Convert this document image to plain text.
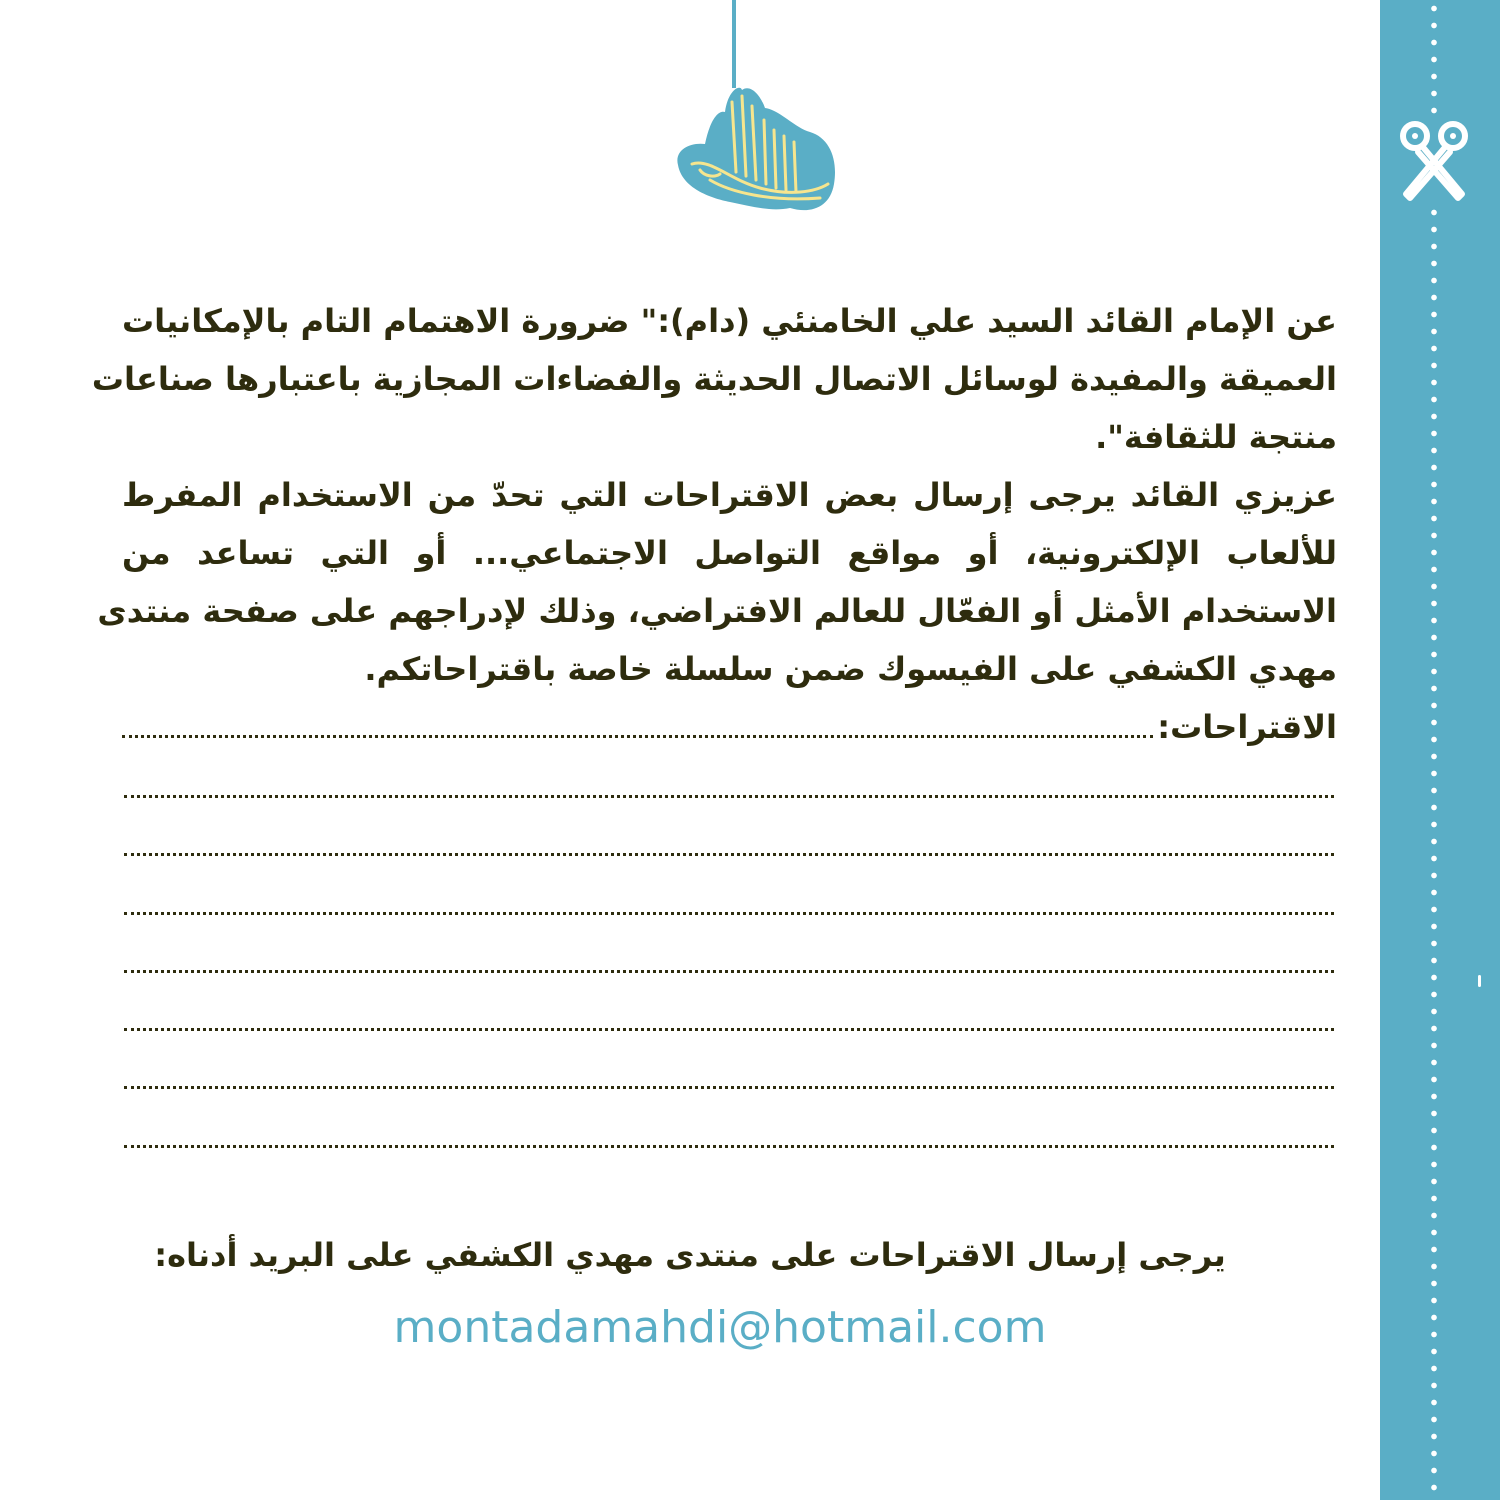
عن الإمام القائد السيد علي الخامنئي (دام):" ضرورة الاهتمام التام بالإمكانيات
العميقة والمفيدة لوسائل الاتصال الحديثة والفضاءات المجازية باعتبارها صناعات
منتجة للثقافة".
عزيزي القائد يرجى إرسال بعض الاقتراحات التي تحدّ من الاستخدام المفرط
للألعاب الإلكترونية، أو مواقع التواصل الاجتماعي... أو التي تساعد من
الاستخدام الأمثل أو الفعّال للعالم الافتراضي، وذلك لإدراجهم على صفحة منتدى
مهدي الكشفي على الفيسوك ضمن سلسلة خاصة باقتراحاتكم.
الاقتراحات:
يرجى إرسال الاقتراحات على منتدى مهدي الكشفي على البريد أدناه:
montadamahdi@hotmail.com
